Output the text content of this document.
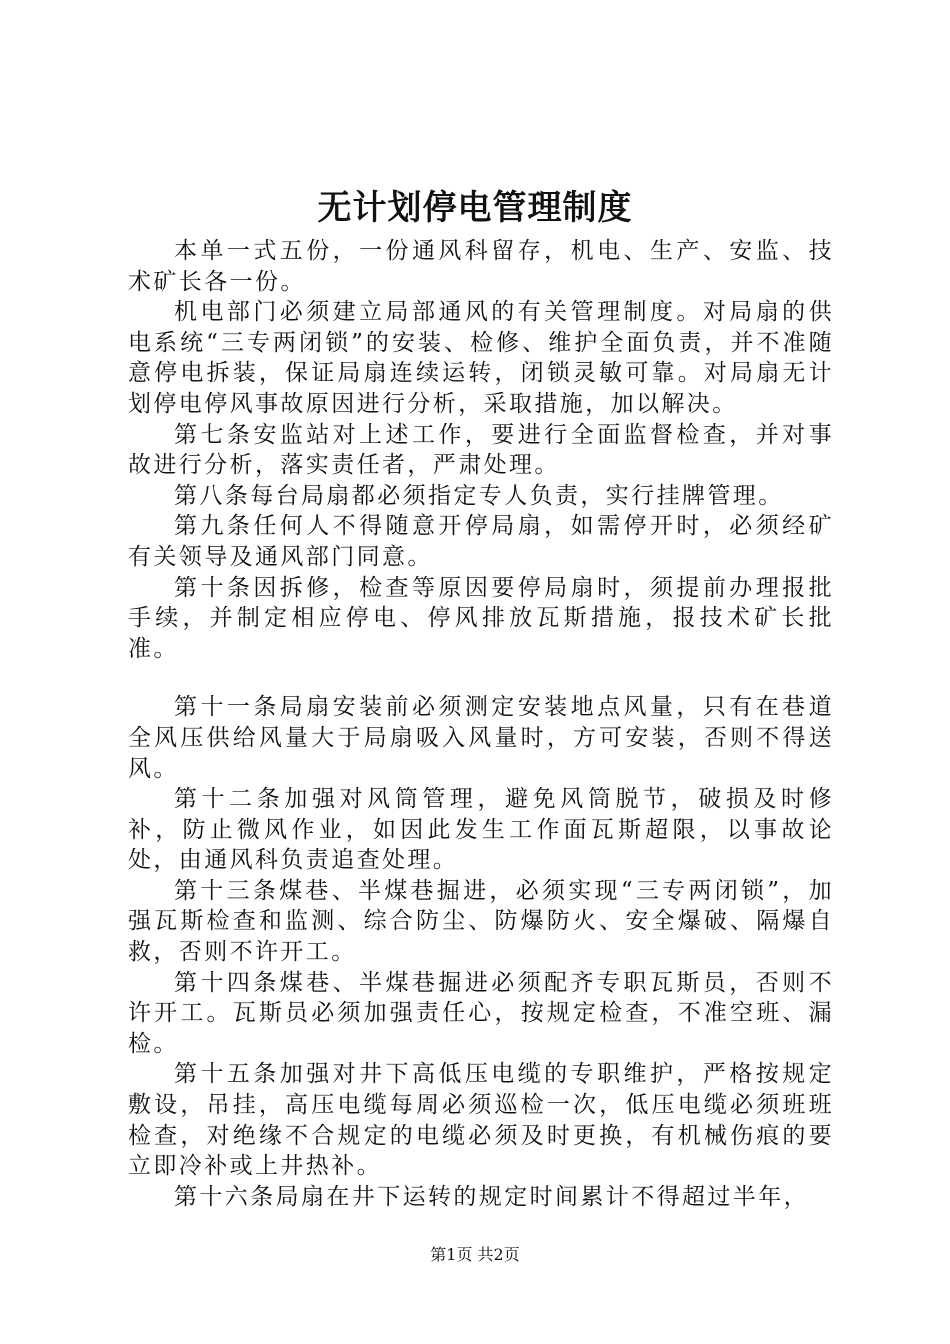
无计划停电管理制度

本单一式五份，一份通风科留存，机电、生产、安监、技术矿长各一份。

机电部门必须建立局部通风的有关管理制度。对局扇的供电系统“三专两闭锁”的安装、检修、维护全面负责，并不准随意停电拆装，保证局扇连续运转，闭锁灵敏可靠。对局扇无计划停电停风事故原因进行分析，采取措施，加以解决。

第七条安监站对上述工作，要进行全面监督检查，并对事故进行分析，落实责任者，严肃处理。

第八条每台局扇都必须指定专人负责，实行挂牌管理。

第九条任何人不得随意开停局扇，如需停开时，必须经矿有关领导及通风部门同意。

第十条因拆修，检查等原因要停局扇时，须提前办理报批手续，并制定相应停电、停风排放瓦斯措施，报技术矿长批准。

第十一条局扇安装前必须测定安装地点风量，只有在巷道全风压供给风量大于局扇吸入风量时，方可安装，否则不得送风。

第十二条加强对风筒管理，避免风筒脱节，破损及时修补，防止微风作业，如因此发生工作面瓦斯超限，以事故论处，由通风科负责追查处理。

第十三条煤巷、半煤巷掘进，必须实现“三专两闭锁”，加强瓦斯检查和监测、综合防尘、防爆防火、安全爆破、隔爆自救，否则不许开工。

第十四条煤巷、半煤巷掘进必须配齐专职瓦斯员，否则不许开工。瓦斯员必须加强责任心，按规定检查，不准空班、漏检。

第十五条加强对井下高低压电缆的专职维护，严格按规定敷设，吊挂，高压电缆每周必须巡检一次，低压电缆必须班班检查，对绝缘不合规定的电缆必须及时更换，有机械伤痕的要立即冷补或上井热补。

第十六条局扇在井下运转的规定时间累计不得超过半年，

第1页 共2页
